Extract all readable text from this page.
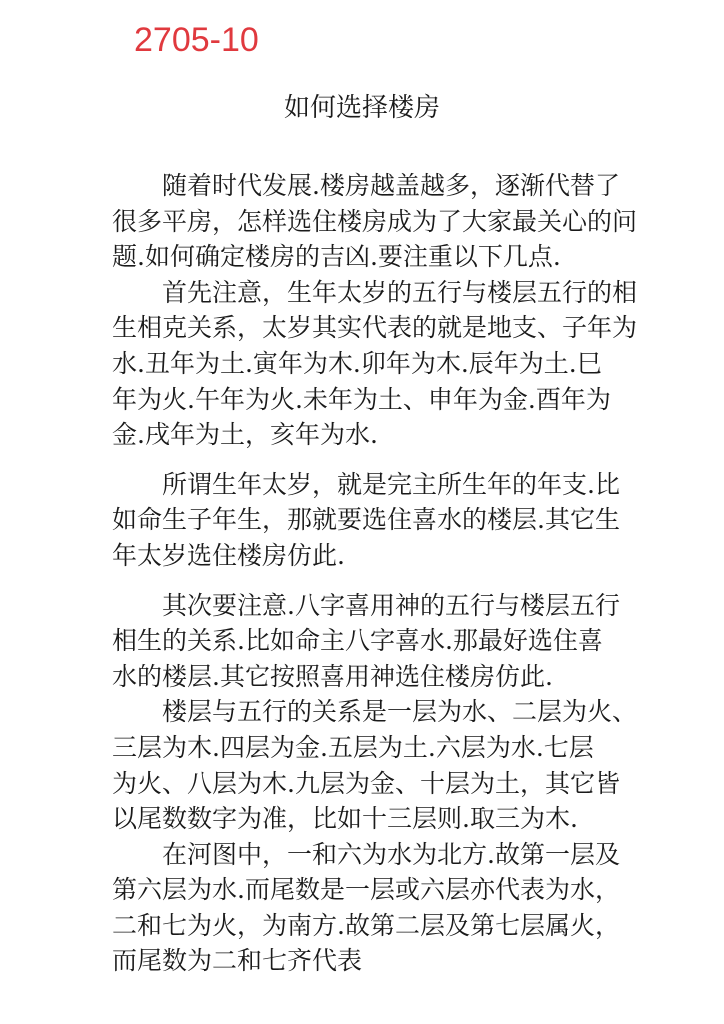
2705-10
如何选择楼房
　　随着时代发展.楼房越盖越多，逐渐代替了
很多平房，怎样选住楼房成为了大家最关心的问
题.如何确定楼房的吉凶.要注重以下几点.
　　首先注意，生年太岁的五行与楼层五行的相
生相克关系，太岁其实代表的就是地支、子年为
水.丑年为土.寅年为木.卯年为木.辰年为土.巳
年为火.午年为火.未年为土、申年为金.酉年为
金.戌年为土，亥年为水.
　　所谓生年太岁，就是完主所生年的年支.比
如命生子年生，那就要选住喜水的楼层.其它生
年太岁选住楼房仿此.
　　其次要注意.八字喜用神的五行与楼层五行
相生的关系.比如命主八字喜水.那最好选住喜
水的楼层.其它按照喜用神选住楼房仿此.
　　楼层与五行的关系是一层为水、二层为火、
三层为木.四层为金.五层为土.六层为水.七层
为火、八层为木.九层为金、十层为土，其它皆
以尾数数字为准，比如十三层则.取三为木.
　　在河图中，一和六为水为北方.故第一层及
第六层为水.而尾数是一层或六层亦代表为水，
二和七为火，为南方.故第二层及第七层属火，
而尾数为二和七齐代表
